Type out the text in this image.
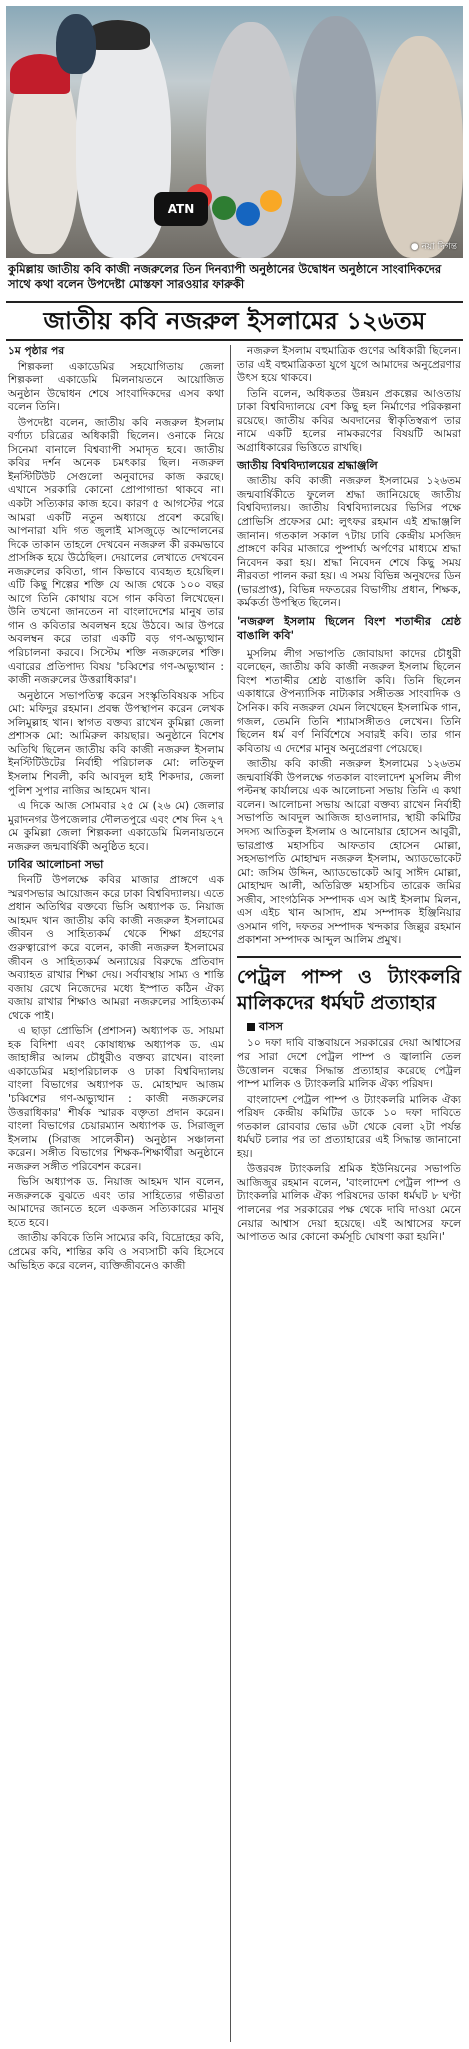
ATN
● নয়া দিগন্ত
কুমিল্লায় জাতীয় কবি কাজী নজরুলের তিন দিনব্যাপী অনুষ্ঠানের উদ্বোধন অনুষ্ঠানে সাংবাদিকদের সাথে কথা বলেন উপদেষ্টা মোস্তফা সারওয়ার ফারুকী
জাতীয় কবি নজরুল ইসলামের ১২৬তম
১ম পৃষ্ঠার পর

শিল্পকলা একাডেমির সহযোগিতায় জেলা শিল্পকলা একাডেমি মিলনায়তনে আয়োজিত অনুষ্ঠান উদ্বোধন শেষে সাংবাদিকদের এসব কথা বলেন তিনি।

উপদেষ্টা বলেন, জাতীয় কবি নজরুল ইসলাম বর্ণাঢ্য চরিত্রের অধিকারী ছিলেন। ওনাকে নিয়ে সিনেমা বানালে বিশ্বব্যাপী সমাদৃত হবে। জাতীয় কবির দর্শন অনেক চমৎকার ছিল। নজরুল ইনস্টিটিউট সেগুলো অনুবাদের কাজ করছে। এখানে সরকারি কোনো প্রোপাগান্ডা থাকবে না। একটা সত্যিকার কাজ হবে। কারণ ৫ আগস্টের পরে আমরা একটি নতুন অধ্যায়ে প্রবেশ করেছি। আপনারা যদি গত জুলাই মাসজুড়ে আন্দোলনের দিকে তাকান তাহলে দেখবেন নজরুল কী রকমভাবে প্রাসঙ্গিক হয়ে উঠেছিল। দেয়ালের লেখাতে দেখবেন নজরুলের কবিতা, গান কিভাবে ব্যবহৃত হয়েছিল। এটি কিছু শিল্পের শক্তি যে আজ থেকে ১০০ বছর আগে তিনি কোথায় বসে গান কবিতা লিখেছেন। উনি তখনো জানতেন না বাংলাদেশের মানুষ তার গান ও কবিতার অবলম্বন হয়ে উঠবে। আর উপরে অবলম্বন করে তারা একটি বড় গণ-অভ্যুত্থান পরিচালনা করবে। সিস্টেম শক্তি নজরুলের শক্তি। এবারের প্রতিপাদ্য বিষয় 'চব্বিশের গণ-অভ্যুত্থান : কাজী নজরুলের উত্তরাধিকার'।

অনুষ্ঠানে সভাপতিত্ব করেন সংস্কৃতিবিষয়ক সচিব মো: মফিদুর রহমান। প্রবন্ধ উপস্থাপন করেন লেখক সলিমুল্লাহ খান। স্বাগত বক্তব্য রাখেন কুমিল্লা জেলা প্রশাসক মো: আমিরুল কায়ছার। অনুষ্ঠানে বিশেষ অতিথি ছিলেন জাতীয় কবি কাজী নজরুল ইসলাম ইনস্টিটিউটের নির্বাহী পরিচালক মো: লতিফুল ইসলাম শিবলী, কবি আবদুল হাই শিকদার, জেলা পুলিশ সুপার নাজির আহমেদ খান।

এ দিকে আজ সোমবার ২৫ মে (২৬ মে) জেলার মুরাদনগর উপজেলার দৌলতপুরে এবং শেষ দিন ২৭ মে কুমিল্লা জেলা শিল্পকলা একাডেমি মিলনায়তনে নজরুল জন্মবার্ষিকী অনুষ্ঠিত হবে।

ঢাবির আলোচনা সভা

দিনটি উপলক্ষে কবির মাজার প্রাঙ্গণে এক স্মরণসভার আয়োজন করে ঢাকা বিশ্ববিদ্যালয়। এতে প্রধান অতিথির বক্তব্যে ভিসি অধ্যাপক ড. নিয়াজ আহমদ খান জাতীয় কবি কাজী নজরুল ইসলামের জীবন ও সাহিত্যকর্ম থেকে শিক্ষা গ্রহণের গুরুত্বারোপ করে বলেন, কাজী নজরুল ইসলামের জীবন ও সাহিত্যকর্ম অন্যায়ের বিরুদ্ধে প্রতিবাদ অব্যাহত রাখার শিক্ষা দেয়। সর্বাবস্থায় সাম্য ও শান্তি বজায় রেখে নিজেদের মধ্যে ইস্পাত কঠিন ঐক্য বজায় রাখার শিক্ষাও আমরা নজরুলের সাহিত্যকর্ম থেকে পাই।

এ ছাড়া প্রোভিসি (প্রশাসন) অধ্যাপক ড. সায়মা হক বিদিশা এবং কোষাধ্যক্ষ অধ্যাপক ড. এম জাহাঙ্গীর আলম চৌধুরীও বক্তব্য রাখেন। বাংলা একাডেমির মহাপরিচালক ও ঢাকা বিশ্ববিদ্যালয় বাংলা বিভাগের অধ্যাপক ড. মোহাম্মদ আজম 'চব্বিশের গণ-অভ্যুত্থান : কাজী নজরুলের উত্তরাধিকার' শীর্ষক স্মারক বক্তৃতা প্রদান করেন। বাংলা বিভাগের চেয়ারম্যান অধ্যাপক ড. সিরাজুল ইসলাম (সিরাজ সালেকীন) অনুষ্ঠান সঞ্চালনা করেন। সঙ্গীত বিভাগের শিক্ষক-শিক্ষার্থীরা অনুষ্ঠানে নজরুল সঙ্গীত পরিবেশন করেন।

ভিসি অধ্যাপক ড. নিয়াজ আহমদ খান বলেন, নজরুলকে বুঝতে এবং তার সাহিত্যের গভীরতা আমাদের জানতে হলে একজন সত্যিকারের মানুষ হতে হবে।

জাতীয় কবিকে তিনি সাম্যের কবি, বিদ্রোহের কবি, প্রেমের কবি, শান্তির কবি ও সব্যসাচী কবি হিসেবে অভিহিত করে বলেন, ব্যক্তিজীবনেও কাজী

নজরুল ইসলাম বহুমাত্রিক গুণের অধিকারী ছিলেন। তার এই বহুমাত্রিকতা যুগে যুগে আমাদের অনুপ্রেরণার উৎস হয়ে থাকবে।

তিনি বলেন, অধিকতর উন্নয়ন প্রকল্পের আওতায় ঢাকা বিশ্ববিদ্যালয়ে বেশ কিছু হল নির্মাণের পরিকল্পনা রয়েছে। জাতীয় কবির অবদানের স্বীকৃতিস্বরূপ তার নামে একটি হলের নামকরণের বিষয়টি আমরা অগ্রাধিকারের ভিত্তিতে রাখছি।

জাতীয় বিশ্ববিদ্যালয়ের শ্রদ্ধাঞ্জলি

জাতীয় কবি কাজী নজরুল ইসলামের ১২৬তম জন্মবার্ষিকীতে ফুলেল শ্রদ্ধা জানিয়েছে জাতীয় বিশ্ববিদ্যালয়। জাতীয় বিশ্ববিদ্যালয়ের ভিসির পক্ষে প্রোভিসি প্রফেসর মো: লুৎফর রহমান এই শ্রদ্ধাঞ্জলি জানান। গতকাল সকাল ৭টায় ঢাবি কেন্দ্রীয় মসজিদ প্রাঙ্গণে কবির মাজারে পুষ্পার্ঘ্য অর্পণের মাধ্যমে শ্রদ্ধা নিবেদন করা হয়। শ্রদ্ধা নিবেদন শেষে কিছু সময় নীরবতা পালন করা হয়। এ সময় বিভিন্ন অনুষদের ডিন (ভারপ্রাপ্ত), বিভিন্ন দফতরের বিভাগীয় প্রধান, শিক্ষক, কর্মকর্তা উপস্থিত ছিলেন।

'নজরুল ইসলাম ছিলেন বিংশ শতাব্দীর শ্রেষ্ঠ বাঙালি কবি'

মুসলিম লীগ সভাপতি জোবায়দা কাদের চৌধুরী বলেছেন, জাতীয় কবি কাজী নজরুল ইসলাম ছিলেন বিংশ শতাব্দীর শ্রেষ্ঠ বাঙালি কবি। তিনি ছিলেন একাধারে ঔপন্যাসিক নাট্যকার সঙ্গীতজ্ঞ সাংবাদিক ও সৈনিক। কবি নজরুল যেমন লিখেছেন ইসলামিক গান, গজল, তেমনি তিনি শ্যামাসঙ্গীতও লেখেন। তিনি ছিলেন ধর্ম বর্ণ নির্বিশেষে সবারই কবি। তার গান কবিতায় এ দেশের মানুষ অনুপ্রেরণা পেয়েছে।

জাতীয় কবি কাজী নজরুল ইসলামের ১২৬তম জন্মবার্ষিকী উপলক্ষে গতকাল বাংলাদেশ মুসলিম লীগ পল্টনস্থ কার্যালয়ে এক আলোচনা সভায় তিনি এ কথা বলেন। আলোচনা সভায় আরো বক্তব্য রাখেন নির্বাহী সভাপতি আবদুল আজিজ হাওলাদার, স্থায়ী কমিটির সদস্য আতিকুল ইসলাম ও আনোয়ার হোসেন আবুরী, ভারপ্রাপ্ত মহাসচিব আফতাব হোসেন মোল্লা, সহসভাপতি মোহাম্মদ নজরুল ইসলাম, অ্যাডভোকেট মো: জসিম উদ্দিন, অ্যাডভোকেট আবু সাঈদ মোল্লা, মোহাম্মদ আলী, অতিরিক্ত মহাসচিব তারেক জমির সজীব, সাংগঠনিক সম্পাদক এস আই ইসলাম মিলন, এস এইচ খান আসাদ, শ্রম সম্পাদক ইঞ্জিনিয়ার ওসমান গণি, দফতর সম্পাদক খন্দকার জিল্লুর রহমান প্রকাশনা সম্পাদক আব্দুল আলিম প্রমুখ।

পেট্রল পাম্প ও ট্যাংকলরি মালিকদের ধর্মঘট প্রত্যাহার
বাসস

১০ দফা দাবি বাস্তবায়নে সরকারের দেয়া আশ্বাসের পর সারা দেশে পেট্রল পাম্প ও জ্বালানি তেল উত্তোলন বন্ধের সিদ্ধান্ত প্রত্যাহার করেছে পেট্রল পাম্প মালিক ও ট্যাংকলরি মালিক ঐক্য পরিষদ।

বাংলাদেশ পেট্রল পাম্প ও ট্যাংকলরি মালিক ঐক্য পরিষদ কেন্দ্রীয় কমিটির ডাকে ১০ দফা দাবিতে গতকাল রোববার ভোর ৬টা থেকে বেলা ২টা পর্যন্ত ধর্মঘট চলার পর তা প্রত্যাহারের এই সিদ্ধান্ত জানানো হয়।

উত্তরবঙ্গ ট্যাংকলরি শ্রমিক ইউনিয়নের সভাপতি আজিজুর রহমান বলেন, 'বাংলাদেশ পেট্রল পাম্প ও ট্যাংকলরি মালিক ঐক্য পরিষদের ডাকা ধর্মঘট ৮ ঘণ্টা পালনের পর সরকারের পক্ষ থেকে দাবি দাওয়া মেনে নেয়ার আশ্বাস দেয়া হয়েছে। এই আশ্বাসের ফলে আপাতত আর কোনো কর্মসূচি ঘোষণা করা হয়নি।'
